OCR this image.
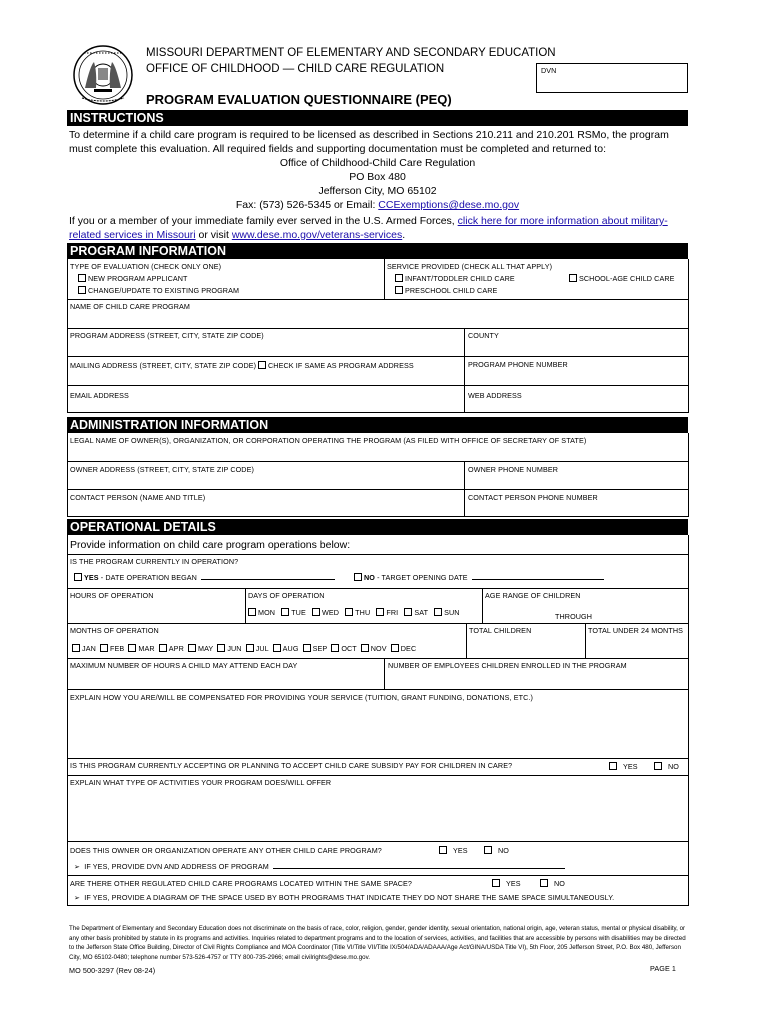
MISSOURI DEPARTMENT OF ELEMENTARY AND SECONDARY EDUCATION
OFFICE OF CHILDHOOD — CHILD CARE REGULATION	DVN
PROGRAM EVALUATION QUESTIONNAIRE (PEQ)
INSTRUCTIONS
To determine if a child care program is required to be licensed as described in Sections 210.211 and 210.201 RSMo, the program must complete this evaluation. All required fields and supporting documentation must be completed and returned to:
Office of Childhood-Child Care Regulation
PO Box 480
Jefferson City, MO 65102
Fax: (573) 526-5345 or Email: CCExemptions@dese.mo.gov
If you or a member of your immediate family ever served in the U.S. Armed Forces, click here for more information about military-related services in Missouri or visit www.dese.mo.gov/veterans-services.
PROGRAM INFORMATION
TYPE OF EVALUATION (CHECK ONLY ONE)
NEW PROGRAM APPLICANT
CHANGE/UPDATE TO EXISTING PROGRAM
SERVICE PROVIDED (CHECK ALL THAT APPLY)
INFANT/TODDLER CHILD CARE	SCHOOL-AGE CHILD CARE
PRESCHOOL CHILD CARE
NAME OF CHILD CARE PROGRAM
PROGRAM ADDRESS (STREET, CITY, STATE ZIP CODE)	COUNTY
MAILING ADDRESS (STREET, CITY, STATE ZIP CODE)	CHECK IF SAME AS PROGRAM ADDRESS	PROGRAM PHONE NUMBER
EMAIL ADDRESS	WEB ADDRESS
ADMINISTRATION INFORMATION
LEGAL NAME OF OWNER(S), ORGANIZATION, OR CORPORATION OPERATING THE PROGRAM (AS FILED WITH OFFICE OF SECRETARY OF STATE)
OWNER ADDRESS (STREET, CITY, STATE ZIP CODE)	OWNER PHONE NUMBER
CONTACT PERSON (NAME AND TITLE)	CONTACT PERSON PHONE NUMBER
OPERATIONAL DETAILS
Provide information on child care program operations below:
IS THE PROGRAM CURRENTLY IN OPERATION?
YES - DATE OPERATION BEGAN	NO - TARGET OPENING DATE
HOURS OF OPERATION	DAYS OF OPERATION
MON TUE WED THU FRI SAT SUN
AGE RANGE OF CHILDREN
THROUGH
MONTHS OF OPERATION
JAN FEB MAR APR MAY JUN JUL AUG SEP OCT NOV DEC
TOTAL CHILDREN	TOTAL UNDER 24 MONTHS
MAXIMUM NUMBER OF HOURS A CHILD MAY ATTEND EACH DAY	NUMBER OF EMPLOYEES CHILDREN ENROLLED IN THE PROGRAM
EXPLAIN HOW YOU ARE/WILL BE COMPENSATED FOR PROVIDING YOUR SERVICE (TUITION, GRANT FUNDING, DONATIONS, ETC.)
IS THIS PROGRAM CURRENTLY ACCEPTING OR PLANNING TO ACCEPT CHILD CARE SUBSIDY PAY FOR CHILDREN IN CARE?	YES	NO
EXPLAIN WHAT TYPE OF ACTIVITIES YOUR PROGRAM DOES/WILL OFFER
DOES THIS OWNER OR ORGANIZATION OPERATE ANY OTHER CHILD CARE PROGRAM?	YES	NO
➢ IF YES, PROVIDE DVN AND ADDRESS OF PROGRAM
ARE THERE OTHER REGULATED CHILD CARE PROGRAMS LOCATED WITHIN THE SAME SPACE?	YES	NO
➢ IF YES, PROVIDE A DIAGRAM OF THE SPACE USED BY BOTH PROGRAMS THAT INDICATE THEY DO NOT SHARE THE SAME SPACE SIMULTANEOUSLY.
The Department of Elementary and Secondary Education does not discriminate on the basis of race, color, religion, gender, gender identity, sexual orientation, national origin, age, veteran status, mental or physical disability, or any other basis prohibited by statute in its programs and activities. Inquiries related to department programs and to the location of services, activities, and facilities that are accessible by persons with disabilities may be directed to the Jefferson State Office Building, Director of Civil Rights Compliance and MOA Coordinator (Title VI/Title VII/Title IX/504/ADA/ADAAA/Age Act/GINA/USDA Title VI), 5th Floor, 205 Jefferson Street, P.O. Box 480, Jefferson City, MO 65102-0480; telephone number 573-526-4757 or TTY 800-735-2966; email civilrights@dese.mo.gov.
MO 500-3297 (Rev 08-24)	PAGE 1
